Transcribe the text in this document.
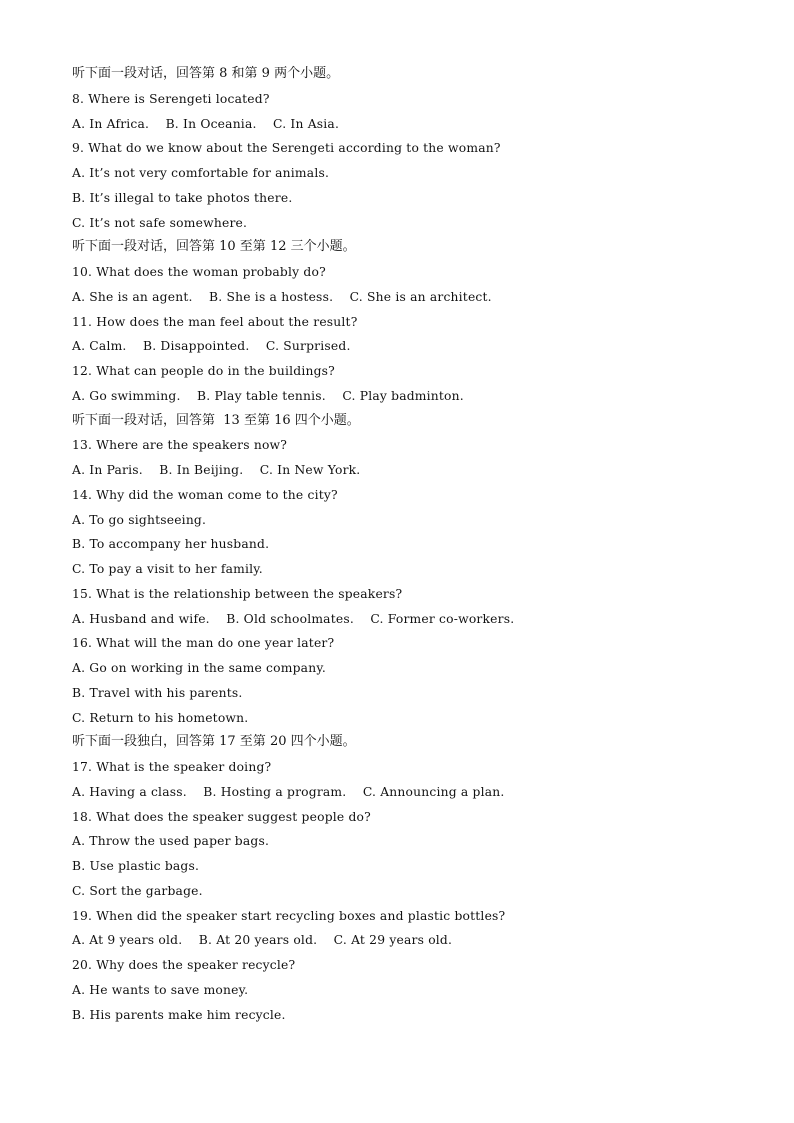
听下面一段对话，回答第 8 和第 9 两个小题。
8. Where is Serengeti located?
A. In Africa.    B. In Oceania.    C. In Asia.
9. What do we know about the Serengeti according to the woman?
A. It’s not very comfortable for animals.
B. It’s illegal to take photos there.
C. It’s not safe somewhere.
听下面一段对话，回答第 10 至第 12 三个小题。
10. What does the woman probably do?
A. She is an agent.    B. She is a hostess.    C. She is an architect.
11. How does the man feel about the result?
A. Calm.    B. Disappointed.    C. Surprised.
12. What can people do in the buildings?
A. Go swimming.    B. Play table tennis.    C. Play badminton.
听下面一段对话，回答第  13 至第 16 四个小题。
13. Where are the speakers now?
A. In Paris.    B. In Beijing.    C. In New York.
14. Why did the woman come to the city?
A. To go sightseeing.
B. To accompany her husband.
C. To pay a visit to her family.
15. What is the relationship between the speakers?
A. Husband and wife.    B. Old schoolmates.    C. Former co-workers.
16. What will the man do one year later?
A. Go on working in the same company.
B. Travel with his parents.
C. Return to his hometown.
听下面一段独白，回答第 17 至第 20 四个小题。
17. What is the speaker doing?
A. Having a class.    B. Hosting a program.    C. Announcing a plan.
18. What does the speaker suggest people do?
A. Throw the used paper bags.
B. Use plastic bags.
C. Sort the garbage.
19. When did the speaker start recycling boxes and plastic bottles?
A. At 9 years old.    B. At 20 years old.    C. At 29 years old.
20. Why does the speaker recycle?
A. He wants to save money.
B. His parents make him recycle.
